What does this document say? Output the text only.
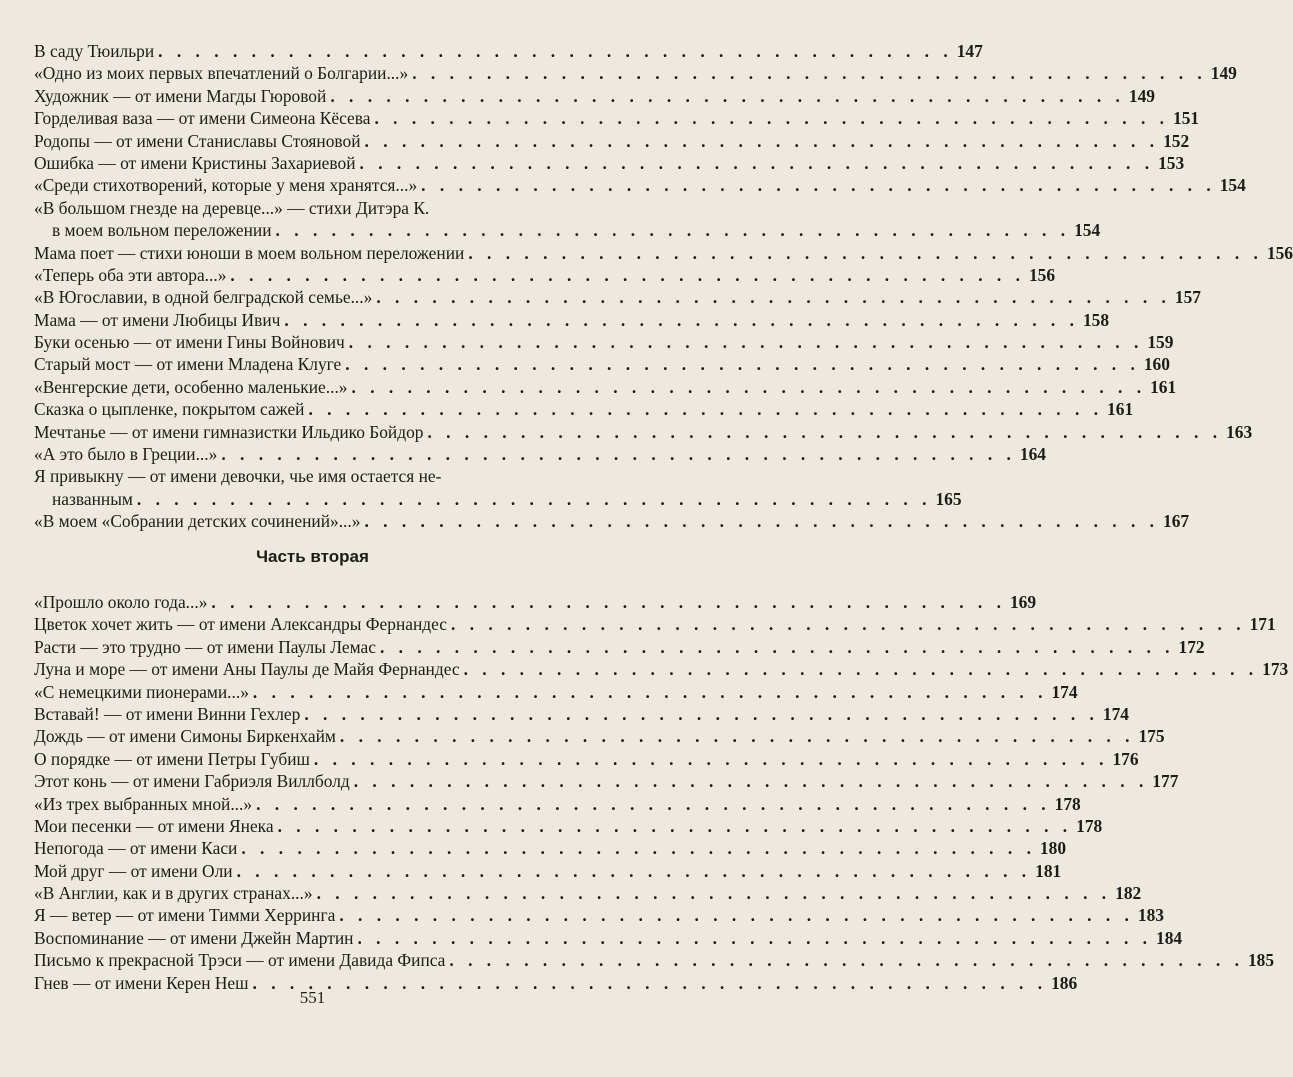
В саду Тюильри . . .	147
«Одно из моих первых впечатлений о Болгарии...» . . .	149
Художник — от имени Магды Гюровой . . .	149
Горделивая ваза — от имени Симеона Кёсева . . .	151
Родопы — от имени Станиславы Стояновой . . .	152
Ошибка — от имени Кристины Захариевой . . .	153
«Среди стихотворений, которые у меня хранятся...» . . .	154
«В большом гнезде на деревце...» — стихи Дитэра К.
в моем вольном переложении . . .	154
Мама поет — стихи юноши в моем вольном переложении . . .	156
«Теперь оба эти автора...» . . .	156
«В Югославии, в одной белградской семье...» . . .	157
Мама — от имени Любицы Ивич . . .	158
Буки осенью — от имени Гины Войнович . . .	159
Старый мост — от имени Младена Клуге . . .	160
«Венгерские дети, особенно маленькие...» . . .	161
Сказка о цыпленке, покрытом сажей . . .	161
Мечтанье — от имени гимназистки Ильдико Бойдор . . .	163
«А это было в Греции...» . . .	164
Я привыкну — от имени девочки, чье имя остается не-
названным . . .	165
«В моем «Собрании детских сочинений»...» . . .	167
Часть вторая
«Прошло около года...» . . .	169
Цветок хочет жить — от имени Александры Фернандес . . .	171
Расти — это трудно — от имени Паулы Лемас . . .	172
Луна и море — от имени Аны Паулы де Майя Фернандес . . .	173
«С немецкими пионерами...» . . .	174
Вставай! — от имени Винни Гехлер . . .	174
Дождь — от имени Симоны Биркенхайм . . .	175
О порядке — от имени Петры Губиш . . .	176
Этот конь — от имени Габриэля Виллболд . . .	177
«Из трех выбранных мной...» . . .	178
Мои песенки — от имени Янека . . .	178
Непогода — от имени Каси . . .	180
Мой друг — от имени Оли . . .	181
«В Англии, как и в других странах...» . . .	182
Я — ветер — от имени Тимми Херринга . . .	183
Воспоминание — от имени Джейн Мартин . . .	184
Письмо к прекрасной Трэси — от имени Давида Фипса . . .	185
Гнев — от имени Керен Неш . . .	186
551
